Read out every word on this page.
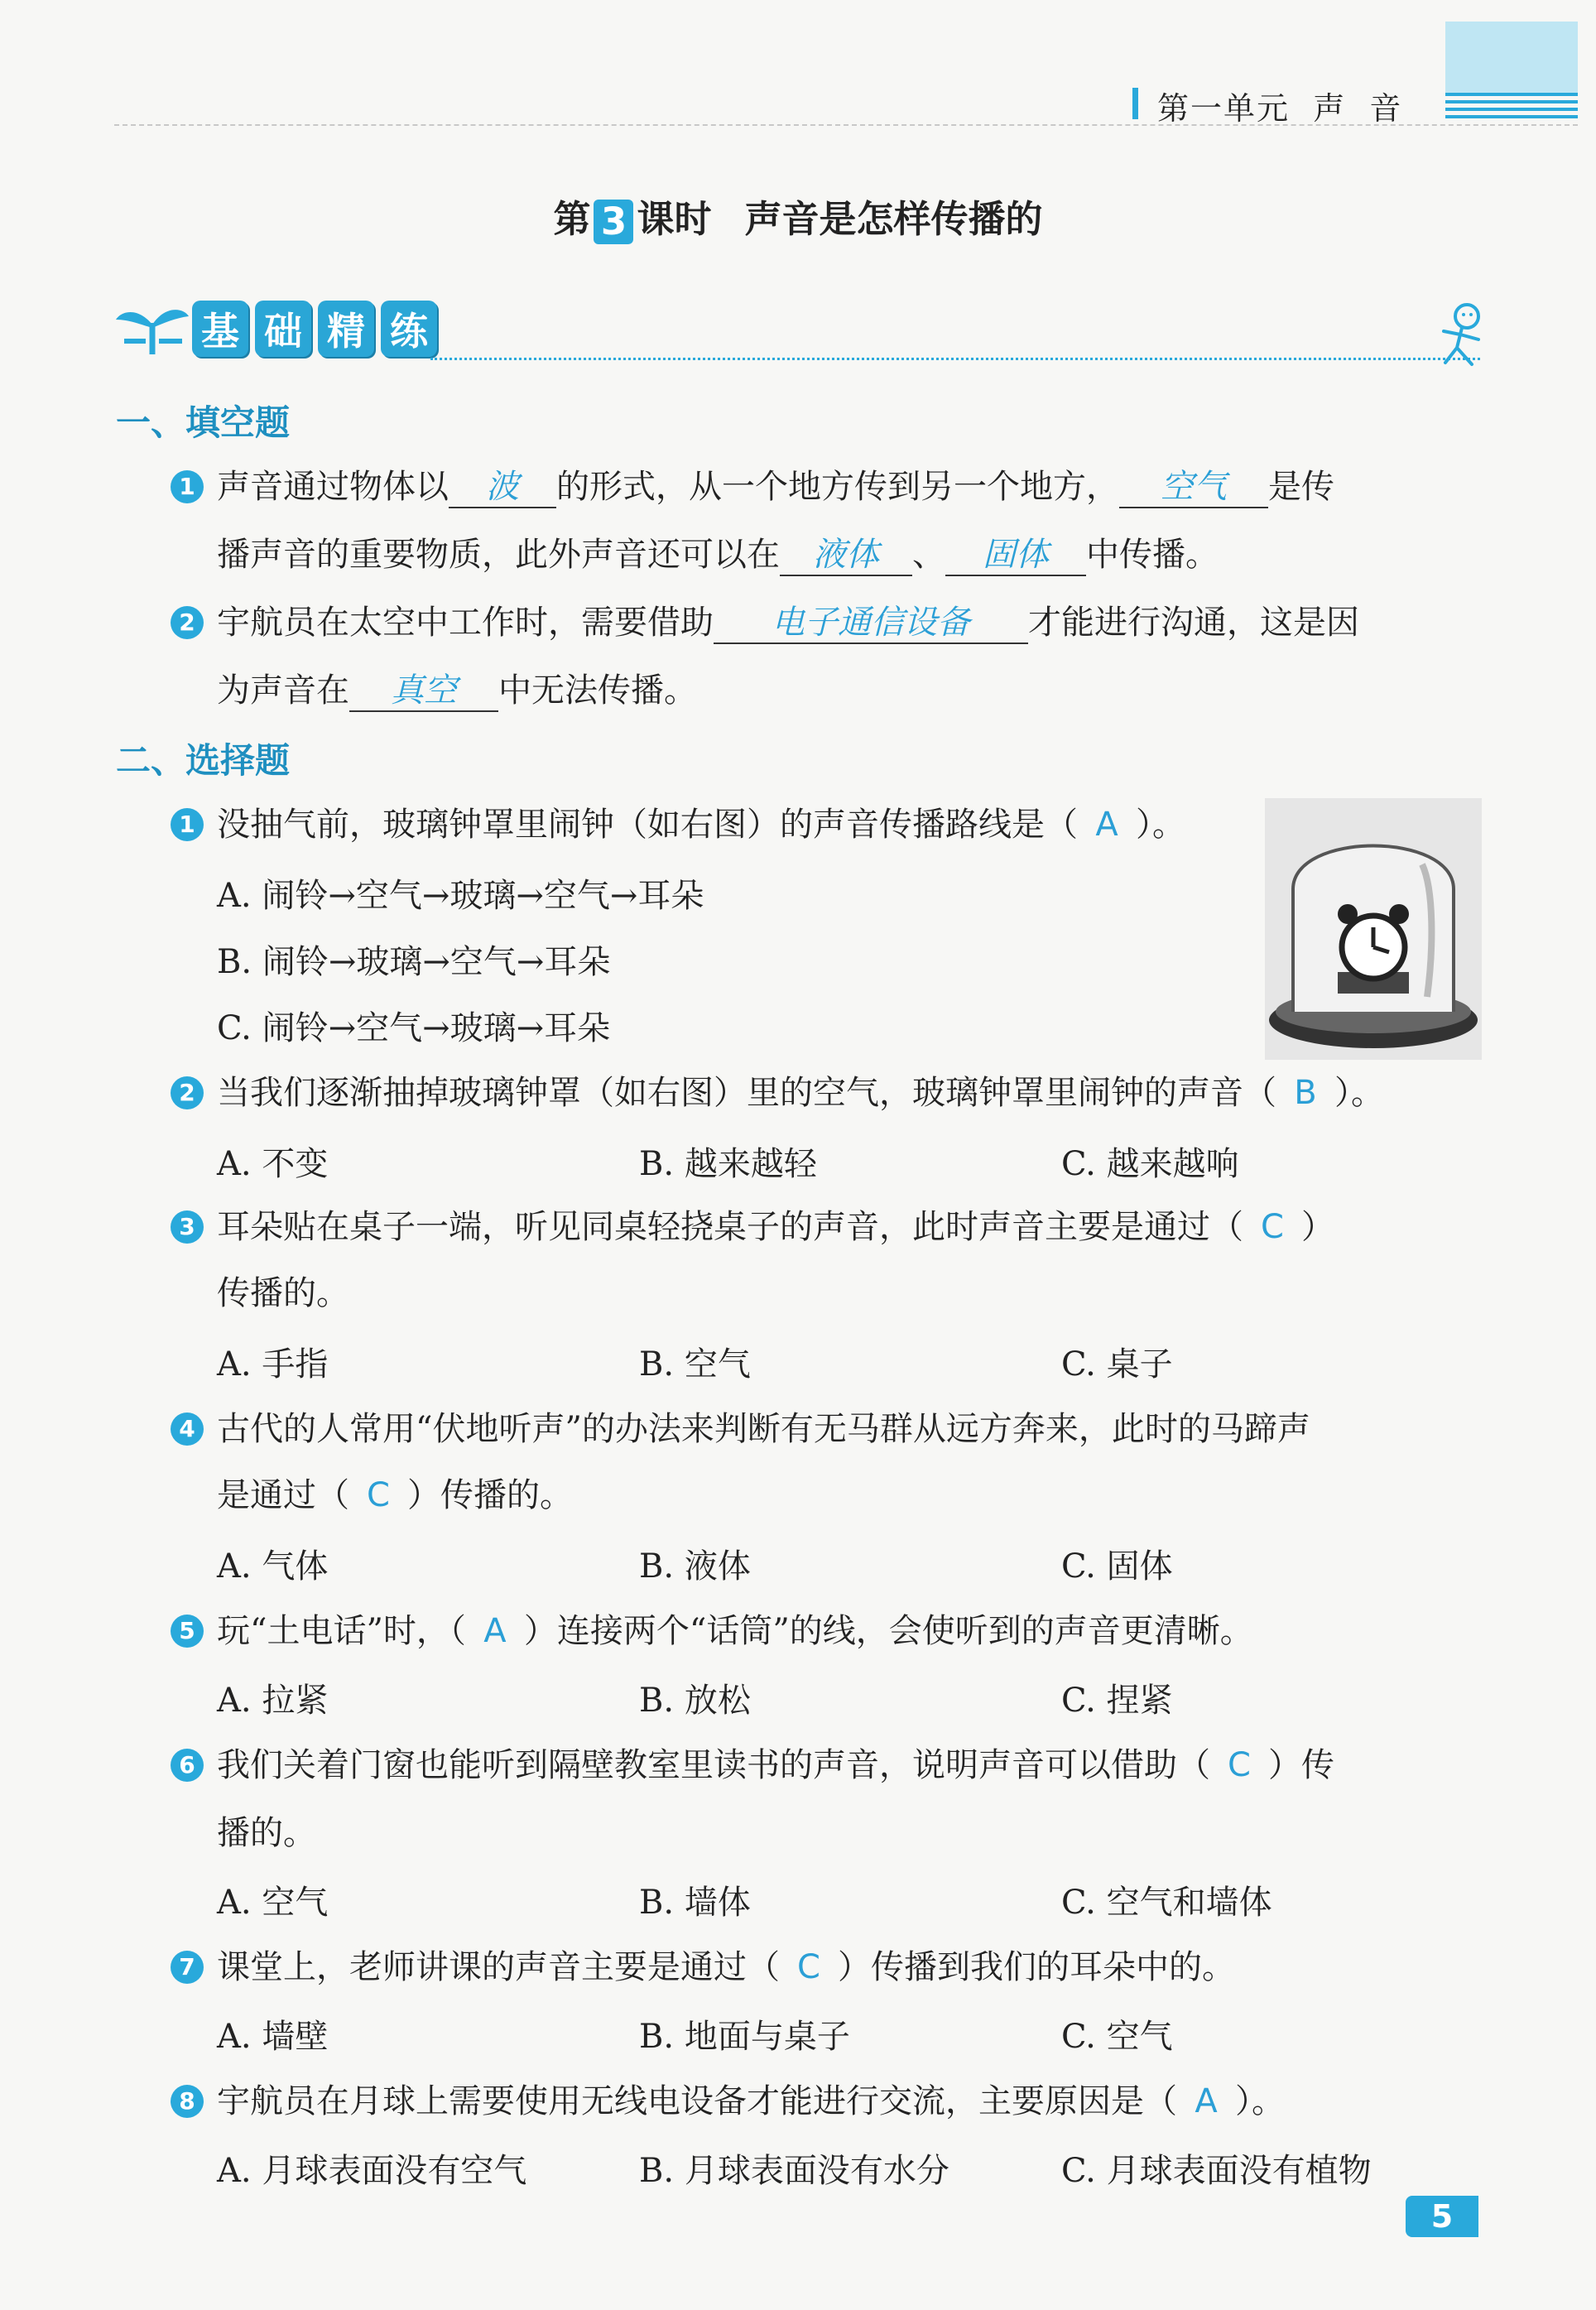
第一单元 声  音
第 3 课时 声音是怎样传播的
基 础 精 练
一、填空题
1 声音通过物体以 波 的形式，从一个地方传到另一个地方， 空气 是传
播声音的重要物质，此外声音还可以在 液体 、 固体 中传播。
2 宇航员在太空中工作时，需要借助 电子通信设备 才能进行沟通，这是因
为声音在 真空 中无法传播。
二、选择题
1 没抽气前，玻璃钟罩里闹钟（如右图）的声音传播路线是（ A ）。
A. 闹铃→空气→玻璃→空气→耳朵
B. 闹铃→玻璃→空气→耳朵
C. 闹铃→空气→玻璃→耳朵
2 当我们逐渐抽掉玻璃钟罩（如右图）里的空气，玻璃钟罩里闹钟的声音（ B ）。
A. 不变	B. 越来越轻	C. 越来越响
3 耳朵贴在桌子一端，听见同桌轻挠桌子的声音，此时声音主要是通过（ C ）
传播的。
A. 手指	B. 空气	C. 桌子
4 古代的人常用“伏地听声”的办法来判断有无马群从远方奔来，此时的马蹄声
是通过（ C ）传播的。
A. 气体	B. 液体	C. 固体
5 玩“土电话”时，（ A ）连接两个“话筒”的线，会使听到的声音更清晰。
A. 拉紧	B. 放松	C. 捏紧
6 我们关着门窗也能听到隔壁教室里读书的声音，说明声音可以借助（ C ）传
播的。
A. 空气	B. 墙体	C. 空气和墙体
7 课堂上，老师讲课的声音主要是通过（ C ）传播到我们的耳朵中的。
A. 墙壁	B. 地面与桌子	C. 空气
8 宇航员在月球上需要使用无线电设备才能进行交流，主要原因是（ A ）。
A. 月球表面没有空气	B. 月球表面没有水分	C. 月球表面没有植物
5
